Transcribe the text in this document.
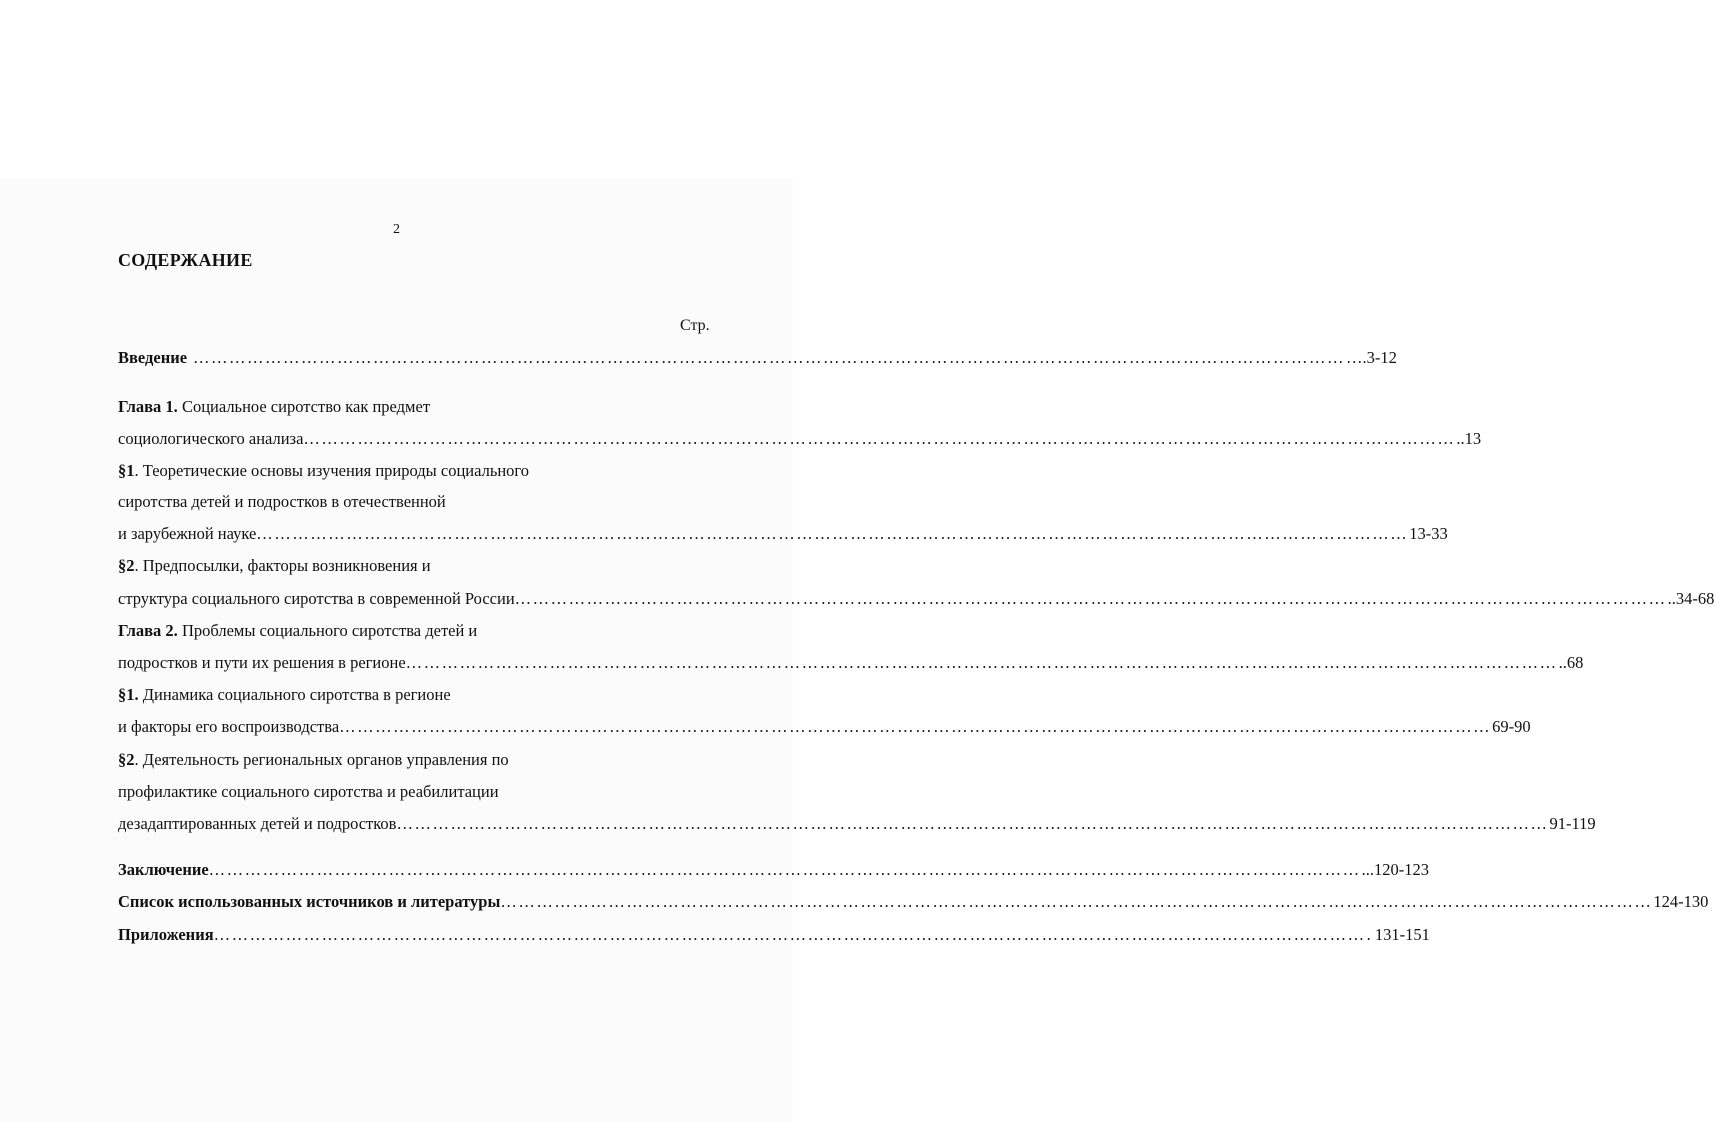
2
СОДЕРЖАНИЕ
Стр.
Введение ………………………………………………………………………………………………………………………………………………………………………… ….3-12
Глава 1. Социальное сиротство как предмет
социологического анализа ………………………………………………………………………………………………………………………………………………………………………… ..13
§1. Теоретические основы изучения природы социального
сиротства детей и подростков в отечественной
и зарубежной науке ………………………………………………………………………………………………………………………………………………………………………… 13-33
§2. Предпосылки, факторы возникновения и
структура социального сиротства в современной России ………………………………………………………………………………………………………………………………………………………………………… ..34-68
Глава 2. Проблемы социального сиротства детей и
подростков и пути их решения в регионе ………………………………………………………………………………………………………………………………………………………………………… ..68
§1. Динамика социального сиротства в регионе
и факторы его воспроизводства ………………………………………………………………………………………………………………………………………………………………………… 69-90
§2. Деятельность региональных органов управления по
профилактике социального сиротства и реабилитации
дезадаптированных детей и подростков ………………………………………………………………………………………………………………………………………………………………………… 91-119
Заключение ………………………………………………………………………………………………………………………………………………………………………… ...120-123
Список использованных источников и литературы ………………………………………………………………………………………………………………………………………………………………………… 124-130
Приложения ………………………………………………………………………………………………………………………………………………………………………… . 131-151
